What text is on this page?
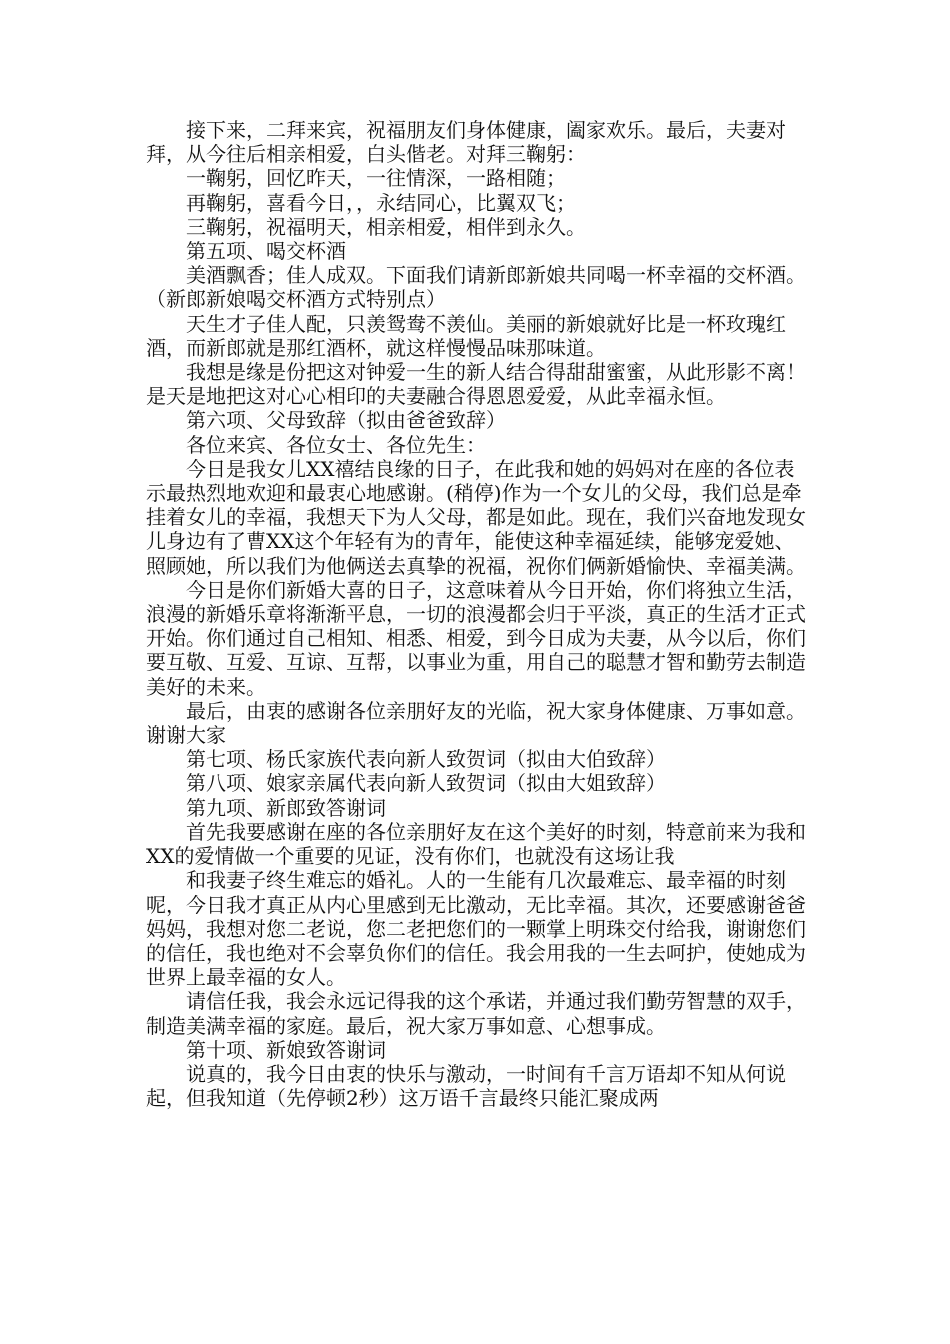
接下来，二拜来宾，祝福朋友们身体健康，阖家欢乐。最后，夫妻对拜，从今往后相亲相爱，白头偕老。对拜三鞠躬：

一鞠躬，回忆昨天，一往情深，一路相随；

再鞠躬，喜看今日，，永结同心，比翼双飞；

三鞠躬，祝福明天，相亲相爱，相伴到永久。

第五项、喝交杯酒

美酒飘香；佳人成双。下面我们请新郎新娘共同喝一杯幸福的交杯酒。（新郎新娘喝交杯酒方式特别点）

天生才子佳人配，只羡鸳鸯不羡仙。美丽的新娘就好比是一杯玫瑰红酒，而新郎就是那红酒杯，就这样慢慢品味那味道。

我想是缘是份把这对钟爱一生的新人结合得甜甜蜜蜜，从此形影不离！是天是地把这对心心相印的夫妻融合得恩恩爱爱，从此幸福永恒。

第六项、父母致辞（拟由爸爸致辞）

各位来宾、各位女士、各位先生：

今日是我女儿XX禧结良缘的日子，在此我和她的妈妈对在座的各位表示最热烈地欢迎和最衷心地感谢。(稍停)作为一个女儿的父母，我们总是牵挂着女儿的幸福，我想天下为人父母，都是如此。现在，我们兴奋地发现女儿身边有了曹XX这个年轻有为的青年，能使这种幸福延续，能够宠爱她、照顾她，所以我们为他俩送去真挚的祝福，祝你们俩新婚愉快、幸福美满。

今日是你们新婚大喜的日子，这意味着从今日开始，你们将独立生活，浪漫的新婚乐章将渐渐平息，一切的浪漫都会归于平淡，真正的生活才正式开始。你们通过自己相知、相悉、相爱，到今日成为夫妻，从今以后，你们要互敬、互爱、互谅、互帮，以事业为重，用自己的聪慧才智和勤劳去制造美好的未来。

最后，由衷的感谢各位亲朋好友的光临，祝大家身体健康、万事如意。谢谢大家

第七项、杨氏家族代表向新人致贺词（拟由大伯致辞）

第八项、娘家亲属代表向新人致贺词（拟由大姐致辞）

第九项、新郎致答谢词

首先我要感谢在座的各位亲朋好友在这个美好的时刻，特意前来为我和XX的爱情做一个重要的见证，没有你们，也就没有这场让我

和我妻子终生难忘的婚礼。人的一生能有几次最难忘、最幸福的时刻呢，今日我才真正从内心里感到无比激动，无比幸福。其次，还要感谢爸爸妈妈，我想对您二老说，您二老把您们的一颗掌上明珠交付给我，谢谢您们的信任，我也绝对不会辜负你们的信任。我会用我的一生去呵护，使她成为世界上最幸福的女人。

请信任我，我会永远记得我的这个承诺，并通过我们勤劳智慧的双手，制造美满幸福的家庭。最后，祝大家万事如意、心想事成。

第十项、新娘致答谢词

说真的，我今日由衷的快乐与激动，一时间有千言万语却不知从何说起，但我知道（先停顿2秒）这万语千言最终只能汇聚成两
